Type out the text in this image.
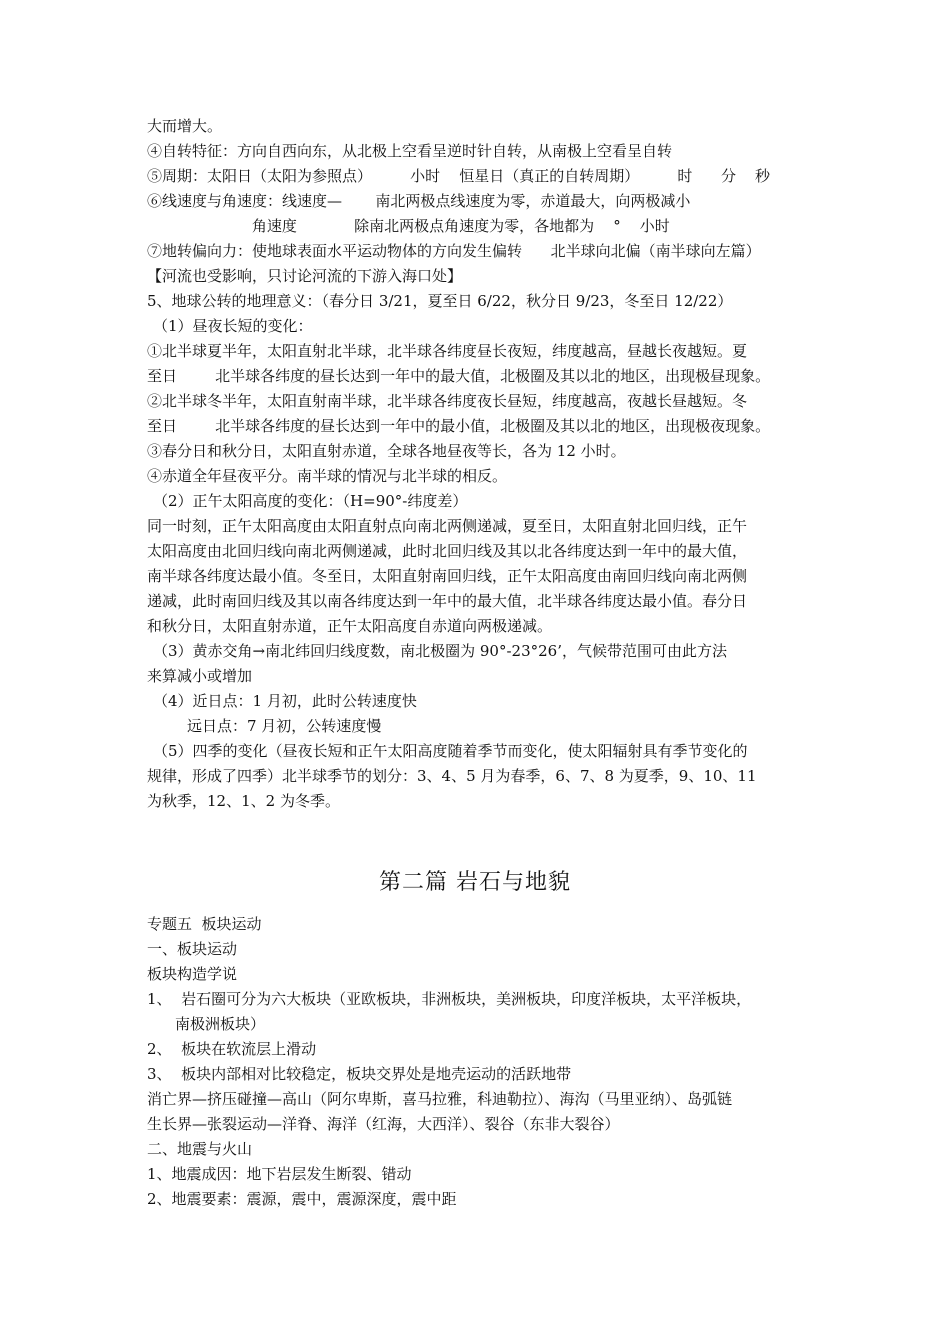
大而增大。
④自转特征：方向自西向东，从北极上空看呈逆时针自转，从南极上空看呈自转
⑤周期：太阳日（太阳为参照点）        小时    恒星日（真正的自转周期）        时      分    秒
⑥线速度与角速度：线速度—       南北两极点线速度为零，赤道最大，向两极减小
角速度            除南北两极点角速度为零，各地都为    °    小时
⑦地转偏向力：使地球表面水平运动物体的方向发生偏转      北半球向北偏（南半球向左篇）
【河流也受影响，只讨论河流的下游入海口处】
5、地球公转的地理意义：（春分日 3/21，夏至日 6/22，秋分日 9/23，冬至日 12/22）
（1）昼夜长短的变化：
①北半球夏半年，太阳直射北半球，北半球各纬度昼长夜短，纬度越高，昼越长夜越短。夏
至日        北半球各纬度的昼长达到一年中的最大值，北极圈及其以北的地区，出现极昼现象。
②北半球冬半年，太阳直射南半球，北半球各纬度夜长昼短，纬度越高，夜越长昼越短。冬
至日        北半球各纬度的昼长达到一年中的最小值，北极圈及其以北的地区，出现极夜现象。
③春分日和秋分日，太阳直射赤道，全球各地昼夜等长，各为 12 小时。
④赤道全年昼夜平分。南半球的情况与北半球的相反。
（2）正午太阳高度的变化：（H=90°-纬度差）
同一时刻，正午太阳高度由太阳直射点向南北两侧递减，夏至日，太阳直射北回归线，正午
太阳高度由北回归线向南北两侧递减，此时北回归线及其以北各纬度达到一年中的最大值，
南半球各纬度达最小值。冬至日，太阳直射南回归线，正午太阳高度由南回归线向南北两侧
递减，此时南回归线及其以南各纬度达到一年中的最大值，北半球各纬度达最小值。春分日
和秋分日，太阳直射赤道，正午太阳高度自赤道向两极递减。
（3）黄赤交角→南北纬回归线度数，南北极圈为 90°-23°26’，气候带范围可由此方法
来算减小或增加
（4）近日点：1 月初，此时公转速度快
远日点：7 月初，公转速度慢
（5）四季的变化（昼夜长短和正午太阳高度随着季节而变化，使太阳辐射具有季节变化的
规律，形成了四季）北半球季节的划分：3、4、5 月为春季，6、7、8 为夏季，9、10、11
为秋季，12、1、2 为冬季。
第二篇 岩石与地貌
专题五  板块运动
一、板块运动
板块构造学说
1、  岩石圈可分为六大板块（亚欧板块，非洲板块，美洲板块，印度洋板块，太平洋板块，
南极洲板块）
2、  板块在软流层上滑动
3、  板块内部相对比较稳定，板块交界处是地壳运动的活跃地带
消亡界—挤压碰撞—高山（阿尔卑斯，喜马拉雅，科迪勒拉）、海沟（马里亚纳）、岛弧链
生长界—张裂运动—洋脊、海洋（红海，大西洋）、裂谷（东非大裂谷）
二、地震与火山
1、地震成因：地下岩层发生断裂、错动
2、地震要素：震源，震中，震源深度，震中距
